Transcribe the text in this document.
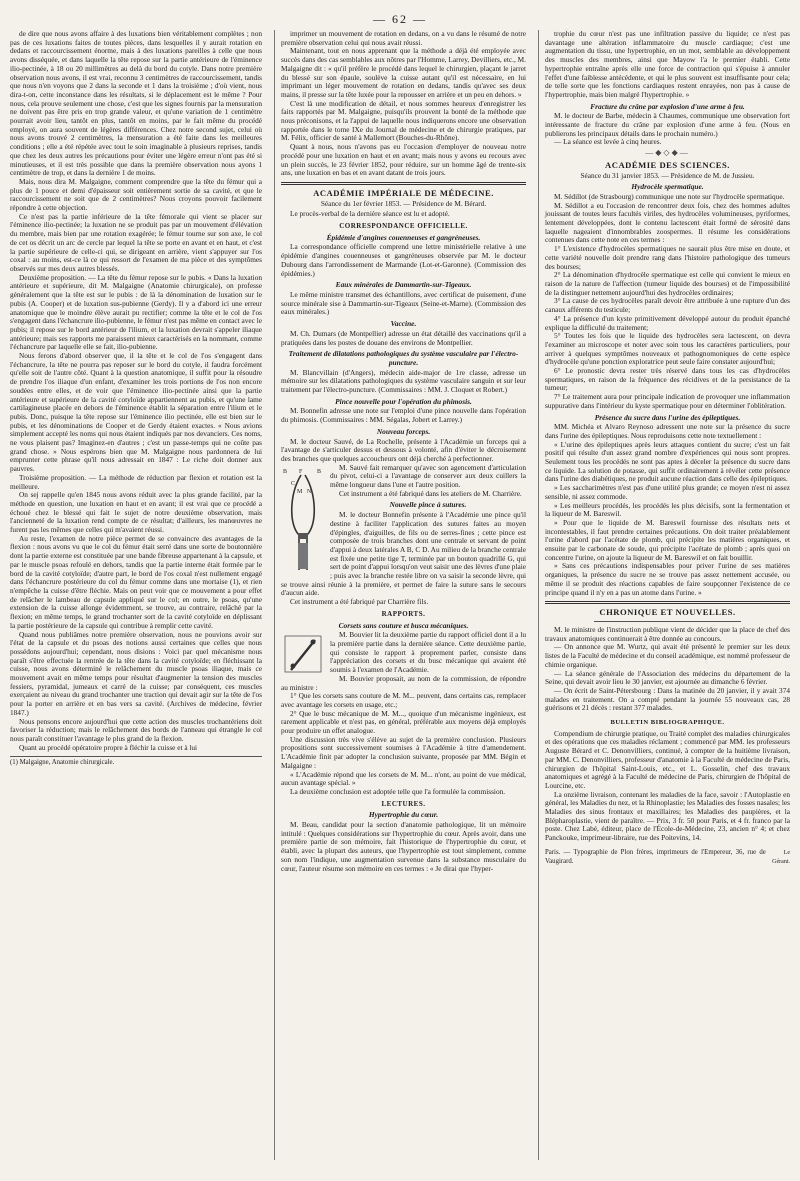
— 62 —

de dire que nous avons affaire à des luxations bien véritablement complètes ; non pas de ces luxations faites de toutes pièces, dans lesquelles il y aurait rotation en dedans et raccourcissement énorme, mais à des luxations pareilles à celle que nous avons disséquée, et dans laquelle la tête repose sur la partie antérieure de l'éminence ilio-pectinée, à 18 ou 20 millimètres au delà du bord du cotyle. Dans notre première observation nous avons, il est vrai, reconnu 3 centimètres de raccourcissement, tandis que nous n'en voyons que 2 dans la seconde et 1 dans la troisième ; d'où vient, nous dira-t-on, cette inconstance dans les résultats, si le déplacement est le même ? Pour nous, cela prouve seulement une chose, c'est que les signes fournis par la mensuration ne doivent pas être pris en trop grande valeur, et qu'une variation de 1 centimètre pourrait avoir lieu, tantôt en plus, tantôt en moins, par le fait même du procédé employé, on aura souvent de légères différences. Chez notre second sujet, celui où nous avons trouvé 2 centimètres, la mensuration a été faite dans les meilleures conditions ; elle a été répétée avec tout le soin imaginable à plusieurs reprises, tandis que chez les deux autres les précautions pour éviter une légère erreur n'ont pas été si minutieuses, et il est très possible que dans la première observation nous ayons 1 centimètre de trop, et dans la dernière 1 de moins.

Mais, nous dira M. Malgaigne, comment comprendre que la tête du fémur qui a plus de 1 pouce et demi d'épaisseur soit entièrement sortie de sa cavité, et que le raccourcissement ne soit que de 2 centimètres? Nous croyons pouvoir facilement répondre à cette objection.

Ce n'est pas la partie inférieure de la tête fémorale qui vient se placer sur l'éminence ilio-pectinée; la luxation ne se produit pas par un mouvement d'élévation du membre, mais bien par une rotation exagérée; le fémur tourne sur son axe, le col de cet os décrit un arc de cercle par lequel la tête se porte en avant et en haut, et c'est la partie supérieure de celle-ci qui, se dirigeant en arrière, vient s'appuyer sur l'os coxal : au moins, est-ce là ce qui ressort de l'examen de ma pièce et des symptômes observés sur mes deux autres blessés.

Deuxième proposition. — La tête du fémur repose sur le pubis. « Dans la luxation antérieure et supérieure, dit M. Malgaigne (Anatomie chirurgicale), on professe généralement que la tête est sur le pubis : de là la dénomination de luxation sur le pubis (A. Cooper) et de luxation sus-pubienne (Gerdy). Il y a d'abord ici une erreur anatomique que le moindre élève aurait pu rectifier; comme la tête et le col de l'os s'engagent dans l'échancrure ilio-pubienne, le fémur n'est pas même en contact avec le pubis; il repose sur le bord antérieur de l'ilium, et la luxation devrait s'appeler iliaque antérieure; mais ses rapports me paraissent mieux caractérisés en la nommant, comme l'échancrure par laquelle elle se fait, ilio-pubienne.

Nous ferons d'abord observer que, il la tête et le col de l'os s'engagent dans l'échancrure, la tête ne pourra pas reposer sur le bord du cotyle, il faudra forcément qu'elle soit de l'autre côté. Quant à la question anatomique, il suffit pour la résoudre de prendre l'os iliaque d'un enfant, d'examiner les trois portions de l'os non encore soudées entre elles, et de voir que l'éminence ilio-pectinée ainsi que la partie antérieure et supérieure de la cavité cotyloïde appartiennent au pubis, et qu'une lame cartilagineuse placée en dehors de l'éminence établit la séparation entre l'ilium et le pubis. Donc, puisque la tête repose sur l'éminence ilio pectinée, elle est bien sur le pubis, et les dénominations de Cooper et de Gerdy étaient exactes. « Nous avions simplement accepté les noms qui nous étaient indiqués par nos devanciers. Ces noms, ne vous plaisent pas? Imaginez-en d'autres ; c'est un passe-temps qui ne coûte pas grand chose. » Nous espérons bien que M. Malgaigne nous pardonnera de lui emprunter cette phrase qu'il nous adressait en 1847 : Le riche doit donner aux pauvres.

Troisième proposition. — La méthode de réduction par flexion et rotation est la meilleure.

On sej rappelle qu'en 1845 nous avons réduit avec la plus grande facilité, par la méthode en question, une luxation en haut et en avant; il est vrai que ce procédé a échoué chez le blessé qui fait le sujet de notre deuxième observation, mais l'ancienneté de la luxation rend compte de ce résultat; d'ailleurs, les manœuvres ne furent pas les mêmes que celles qui m'avaient réussi.

Au reste, l'examen de notre pièce permet de se convaincre des avantages de la flexion : nous avons vu que le col du fémur était serré dans une sorte de boutonnière dont la partie externe est constituée par une bande fibreuse appartenant à la capsule, et par le muscle psoas refoulé en dehors, tandis que la partie interne était formée par le bord de la cavité cotyloïde; d'autre part, le bord de l'os coxal n'est nullement engagé dans l'échancrure postérieure du col du fémur comme dans une mortaise (1), et rien n'empêche la cuisse d'être fléchie. Mais on peut voir que ce mouvement a pour effet de relâcher le lambeau de capsule appliqué sur le col; en outre, le psoas, qu'une extension de la cuisse allonge évidemment, se trouve, au contraire, relâché par la flexion; en même temps, le grand trochanter sort de la cavité cotyloïde en déplissant la partie postérieure de la capsule qui contribue à remplir cette cavité.

Quand nous publiâmes notre première observation, nous ne pouvions avoir sur l'état de la capsule et du psoas des notions aussi certaines que celles que nous possédons aujourd'hui; cependant, nous disions : Voici par quel mécanisme nous paraît s'être effectuée la rentrée de la tête dans la cavité cotyloïde; en fléchissant la cuisse, nous avons déterminé le relâchement du muscle psoas iliaque, mais ce mouvement avait en même temps pour résultat d'augmenter la tension des muscles fessiers, pyramidal, jumeaux et carré de la cuisse; par conséquent, ces muscles exerçaient au niveau du grand trochanter une traction qui devait agir sur la tête de l'os pour la porter en arrière et en bas vers sa cavité. (Archives de médecine, février 1847.)

Nous pensons encore aujourd'hui que cette action des muscles trochantériens doit favoriser la réduction; mais le relâchement des bords de l'anneau qui étrangle le col nous paraît constituer l'avantage le plus grand de la flexion.

Quant au procédé opératoire propre à fléchir la cuisse et à lui

(1) Malgaigne, Anatomie chirurgicale.

imprimer un mouvement de rotation en dedans, on a vu dans le résumé de notre première observation celui qui nous avait réussi.

Maintenant, tout en nous apprenant que la méthode a déjà été employée avec succès dans des cas semblables aux nôtres par l'Homme, Larrey, Devilliers, etc., M. Malgaigne dit : « qu'il préfère le procédé dans lequel le chirurgien, plaçant le jarret du blessé sur son épaule, soulève la cuisse autant qu'il est nécessaire, en lui imprimant un léger mouvement de rotation en dedans, tandis qu'avec ses deux mains, il presse sur la tête luxée pour la repousser en arrière et un peu en dehors. »

C'est là une modification de détail, et nous sommes heureux d'enregistrer les faits rapportés par M. Malgaigne, puisqu'ils prouvent la bonté de la méthode que nous préconisons, et la l'appui de laquelle nous indiquerons encore une observation rapportée dans le tome IXe du Journal de médecine et de chirurgie pratiques, par M. Félix, officier de santé à Mallemort (Bouches-du-Rhône).

Quant à nous, nous n'avons pas eu l'occasion d'employer de nouveau notre procédé pour une luxation en haut et en avant; mais nous y avons eu recours avec un plein succès, le 23 février 1852, pour réduire, sur un homme âgé de trente-six ans, une luxation en bas et en avant datant de trois jours.

ACADÉMIE IMPÉRIALE DE MÉDECINE.
Séance du 1er février 1853. — Présidence de M. Bérard.

Le procès-verbal de la dernière séance est lu et adopté.

CORRESPONDANCE OFFICIELLE.
Épidémie d'angines couenneuses et gangréneuses.

La correspondance officielle comprend une lettre ministérielle relative à une épidémie d'angines couenneuses et gangréneuses observée par M. le docteur Dubourg dans l'arrondissement de Marmande (Lot-et-Garonne). (Commission des épidémies.)

Eaux minérales de Dammartin-sur-Tigeaux.

Le même ministre transmet des échantillons, avec certificat de puisement, d'une source minérale sise à Dammartin-sur-Tigeaux (Seine-et-Marne). (Commission des eaux minérales.)

Vaccine.

M. Ch. Dumars (de Montpellier) adresse un état détaillé des vaccinations qu'il a pratiquées dans les postes de douane des environs de Montpellier.

Traitement de dilatations pathologiques du système vasculaire par l'électro-puncture.

M. Blancvillain (d'Angers), médecin aide-major de 1re classe, adresse un mémoire sur les dilatations pathologiques du système vasculaire sanguin et sur leur traitement par l'électro-puncture. (Commissaires : MM. J. Cloquet et Robert.)

Pince nouvelle pour l'opération du phimosis.

M. Bonnefin adresse une note sur l'emploi d'une pince nouvelle dans l'opération du phimosis. (Commissaires : MM. Ségalas, Jobert et Larrey.)

Nouveau forceps.

M. le docteur Sauvé, de La Rochelle, présente à l'Académie un forceps qui a l'avantage de s'articuler dessus et dessous à volonté, afin d'éviter le décroisement des branches que quelques accoucheurs ont déjà cherché à perfectionner.

B F B
C
M N

M. Sauvé fait remarquer qu'avec son agencement d'articulation du pivot, celui-ci a l'avantage de conserver aux deux cuillers la même longueur dans l'une et l'autre position.

Cet instrument a été fabriqué dans les ateliers de M. Charrière.

Nouvelle pince à sutures.

M. le docteur Bonnefin présente à l'Académie une pince qu'il destine à faciliter l'application des sutures faites au moyen d'épingles, d'aiguilles, de fils ou de serres-fines ; cette pince est composée de trois branches dont une centrale et servant de point d'appui à deux latérales A B, C D. Au milieu de la branche centrale est fixée une petite tige T, terminée par un bouton quadrillé G, qui sert de point d'appui lorsqu'on veut saisir une des lèvres d'une plaie ; puis avec la branche restée libre on va saisir la seconde lèvre, qui se trouve ainsi réunie à la première, et permet de faire la suture sans le secours d'aucun aide.

Cet instrument a été fabriqué par Charrière fils.

RAPPORTS.
Corsets sans couture et busca mécaniques.

M. Bouvier lit la deuxième partie du rapport officiel dont il a lu la première partie dans la dernière séance. Cette deuxième partie, qui consiste le rapport à proprement parler, consiste dans l'appréciation des corsets et du busc mécanique qui avaient été soumis à l'examen de l'Académie.

M. Bouvier proposait, au nom de la commission, de répondre au ministre :

1° Que les corsets sans couture de M. M... peuvent, dans certains cas, remplacer avec avantage les corsets en usage, etc.;

2° Que le busc mécanique de M. M..., quoique d'un mécanisme ingénieux, est rarement applicable et n'est pas, en général, préférable aux moyens déjà employés pour produire un effet analogue.

Une discussion très vive s'élève au sujet de la première conclusion. Plusieurs propositions sont successivement soumises à l'Académie à titre d'amendement. L'Académie finit par adopter la conclusion suivante, proposée par MM. Bégin et Malgaigne :

« L'Académie répond que les corsets de M. M... n'ont, au point de vue médical, aucun avantage spécial. »

La deuxième conclusion est adoptée telle que l'a formulée la commission.

LECTURES.
Hypertrophie du cœur.

M. Beau, candidat pour la section d'anatomie pathologique, lit un mémoire intitulé : Quelques considérations sur l'hypertrophie du cœur. Après avoir, dans une première partie de son mémoire, fait l'historique de l'hypertrophie du cœur, et établi, avec la plupart des auteurs, que l'hypertrophie est tout simplement, comme son nom l'indique, une augmentation survenue dans la substance musculaire du cœur, l'auteur résume son mémoire en ces termes : « Je dirai que l'hyper-

trophie du cœur n'est pas une infiltration passive du liquide; ce n'est pas davantage une altération inflammatoire du muscle cardiaque; c'est une augmentation du tissu, une hypertrophie, en un mot, semblable au développement des muscles des membres, ainsi que Mayow l'a le premier établi. Cette hypertrophie entraîne après elle une force de contraction qui s'épuise à annuler l'effet d'une faiblesse antécédente, et qui le plus souvent est insuffisante pour cela; de telle sorte que les fonctions cardiaques restent enrayées, non pas à cause de l'hypertrophie, mais bien malgré l'hypertrophie. »

Fracture du crâne par explosion d'une arme à feu.

M. le docteur de Barbe, médecin à Chaumes, communique une observation fort intéressante de fracture du crâne par explosion d'une arme à feu. (Nous en publierons les principaux détails dans le prochain numéro.)

— La séance est levée à cinq heures.

—◆◇◆—
ACADÉMIE DES SCIENCES.
Séance du 31 janvier 1853. — Présidence de M. de Jussieu.
Hydrocèle spermatique.

M. Sédillot (de Strasbourg) communique une note sur l'hydrocèle spermatique.

M. Sédillot a eu l'occasion de rencontrer deux fois, chez des hommes adultes jouissant de toutes leurs facultés viriles, des hydrocèles volumineuses, pyriformes, lentement développées, dont le contenu lactescent était formé de sérosité dans laquelle nageaient d'innombrables zoospermes. Il résume les considérations contenues dans cette note en ces termes :

1° L'existence d'hydrocèles spermatiques ne saurait plus être mise en doute, et cette variété nouvelle doit prendre rang dans l'histoire pathologique des tumeurs des bourses;

2° La dénomination d'hydrocèle spermatique est celle qui convient le mieux en raison de la nature de l'affection (tumeur liquide des bourses) et de l'impossibilité de la distinguer nettement aujourd'hui des hydrocèles ordinaires;

3° La cause de ces hydrocèles paraît devoir être attribuée à une rupture d'un des canaux afférents du testicule;

4° La présence d'un kyste primitivement développé autour du produit épanché explique la difficulté du traitement;

5° Toutes les fois que le liquide des hydrocèles sera lactescent, on devra l'examiner au microscope et noter avec soin tous les caractères particuliers, pour arriver à quelques symptômes nouveaux et pathognomoniques de cette espèce d'hydrocèle qu'une ponction exploratrice peut seule faire constater aujourd'hui;

6° Le pronostic devra rester très réservé dans tous les cas d'hydrocèles spermatiques, en raison de la fréquence des récidives et de la persistance de la tumeur;

7° Le traitement aura pour principale indication de provoquer une inflammation suppurative dans l'intérieur du kyste spermatique pour en déterminer l'oblitération.

Présence du sucre dans l'urine des épileptiques.

MM. Michéa et Alvaro Reynoso adressent une note sur la présence du sucre dans l'urine des épileptiques. Nous reproduisons cette note textuellement :

« L'urine des épileptiques après leurs attaques contient du sucre; c'est un fait positif qui résulte d'un assez grand nombre d'expériences qui nous sont propres. Seulement tous les procédés ne sont pas aptes à déceler la présence du sucre dans ce liquide. La solution de potasse, qui suffit ordinairement à révéler cette présence dans l'urine des diabétiques, ne produit aucune réaction dans celle des épileptiques.

» Les saccharimètres n'est pas d'une utilité plus grande; ce moyen n'est ni assez sensible, ni assez commode.

» Les meilleurs procédés, les procédés les plus décisifs, sont la fermentation et la liqueur de M. Bareswil.

» Pour que le liquide de M. Bareswil fournisse des résultats nets et incontestables, il faut prendre certaines précautions. On doit traiter préalablement l'urine d'abord par l'acétate de plomb, qui précipite les matières organiques, et ensuite par le carbonate de soude, qui précipite l'acétate de plomb ; après quoi on concentre l'urine, on ajoute la liqueur de M. Bareswil et on fait bouillir.

» Sans ces précautions indispensables pour priver l'urine de ses matières organiques, la présence du sucre ne se trouve pas assez nettement accusée, ou même il se produit des réactions capables de faire soupçonner l'existence de ce principe quand il n'y en a pas un atome dans l'urine. »

CHRONIQUE ET NOUVELLES.

M. le ministre de l'instruction publique vient de décider que la place de chef des travaux anatomiques continuerait à être donnée au concours.

— On annonce que M. Wurtz, qui avait été présenté le premier sur les deux listes de la Faculté de médecine et du conseil académique, est nommé professeur de chimie organique.

— La séance générale de l'Association des médecins du département de la Seine, qui devait avoir lieu le 30 janvier, est ajournée au dimanche 6 février.

— On écrit de Saint-Pétersbourg : Dans la matinée du 20 janvier, il y avait 374 malades en traitement. On a compté pendant la journée 55 nouveaux cas, 28 guérisons et 21 décès : restant 377 malades.

BULLETIN BIBLIOGRAPHIQUE.

Compendium de chirurgie pratique, ou Traité complet des maladies chirurgicales et des opérations que ces maladies réclament ; commencé par MM. les professeurs Auguste Bérard et C. Denonvilliers, continué, à compter de la huitième livraison, par MM. C. Denonvilliers, professeur d'anatomie à la Faculté de médecine de Paris, chirurgien de l'hôpital Saint-Louis, etc., et L. Gosselin, chef des travaux anatomiques et agrégé à la Faculté de médecine de Paris, chirurgien de l'hôpital de Lourcine, etc.

La onzième livraison, contenant les maladies de la face, savoir : l'Autoplastie en général, les Maladies du nez, et la Rhinoplastie; les Maladies des fosses nasales; les Maladies des sinus frontaux et maxillaires; les Maladies des paupières, et la Blépharoplastie, vient de paraître. — Prix, 3 fr. 50 pour Paris, et 4 fr. franco par la poste. Chez Labé, éditeur, place de l'École-de-Médecine, 23, ancien n° 4; et chez Panckouke, imprimeur-libraire, rue des Poitevins, 14.

Paris. — Typographie de Plon frères, imprimeurs de l'Empereur, 36, rue de Vaugirard.
Le Gérant.
